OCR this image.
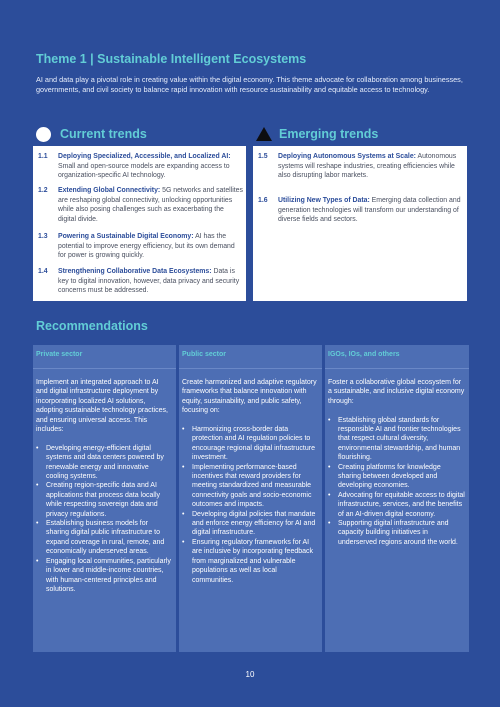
Theme 1 | Sustainable Intelligent Ecosystems

AI and data play a pivotal role in creating value within the digital economy. This theme advocate for collaboration among businesses, governments, and civil society to balance rapid innovation with resource sustainability and equitable access to technology.

Current trends
1.1	Deploying Specialized, Accessible, and Localized AI: Small and open-source models are expanding access to organization-specific AI technology.
1.2	Extending Global Connectivity: 5G networks and satellites are reshaping global connectivity, unlocking opportunities while also posing challenges such as exacerbating the digital divide.
1.3	Powering a Sustainable Digital Economy: AI has the potential to improve energy efficiency, but its own demand for power is growing quickly.
1.4	Strengthening Collaborative Data Ecosystems: Data is key to digital innovation, however, data privacy and security concerns must be addressed.
Emerging trends
1.5	Deploying Autonomous Systems at Scale: Autonomous systems will reshape industries, creating efficiencies while also disrupting labor markets.
1.6	Utilizing New Types of Data: Emerging data collection and generation technologies will transform our understanding of diverse fields and sectors.
Recommendations
Private sector

Implement an integrated approach to AI and digital infrastructure deployment by incorporating localized AI solutions, adopting sustainable technology practices, and ensuring universal access. This includes:

• Developing energy-efficient digital systems and data centers powered by renewable energy and innovative cooling systems.
• Creating region-specific data and AI applications that process data locally while respecting sovereign data and privacy regulations.
• Establishing business models for sharing digital public infrastructure to expand coverage in rural, remote, and economically underserved areas.
• Engaging local communities, particularly in lower and middle-income countries, with human-centered principles and solutions.
Public sector

Create harmonized and adaptive regulatory frameworks that balance innovation with equity, sustainability, and public safety, focusing on:

• Harmonizing cross-border data protection and AI regulation policies to encourage regional digital infrastructure investment.
• Implementing performance-based incentives that reward providers for meeting standardized and measurable connectivity goals and socio-economic outcomes and impacts.
• Developing digital policies that mandate and enforce energy efficiency for AI and digital infrastructure.
• Ensuring regulatory frameworks for AI are inclusive by incorporating feedback from marginalized and vulnerable populations as well as local communities.
IGOs, IOs, and others

Foster a collaborative global ecosystem for a sustainable, and inclusive digital economy through:

• Establishing global standards for responsible AI and frontier technologies that respect cultural diversity, environmental stewardship, and human flourishing.
• Creating platforms for knowledge sharing between developed and developing economies.
• Advocating for equitable access to digital infrastructure, services, and the benefits of an AI-driven digital economy.
• Supporting digital infrastructure and capacity building initiatives in underserved regions around the world.
10
